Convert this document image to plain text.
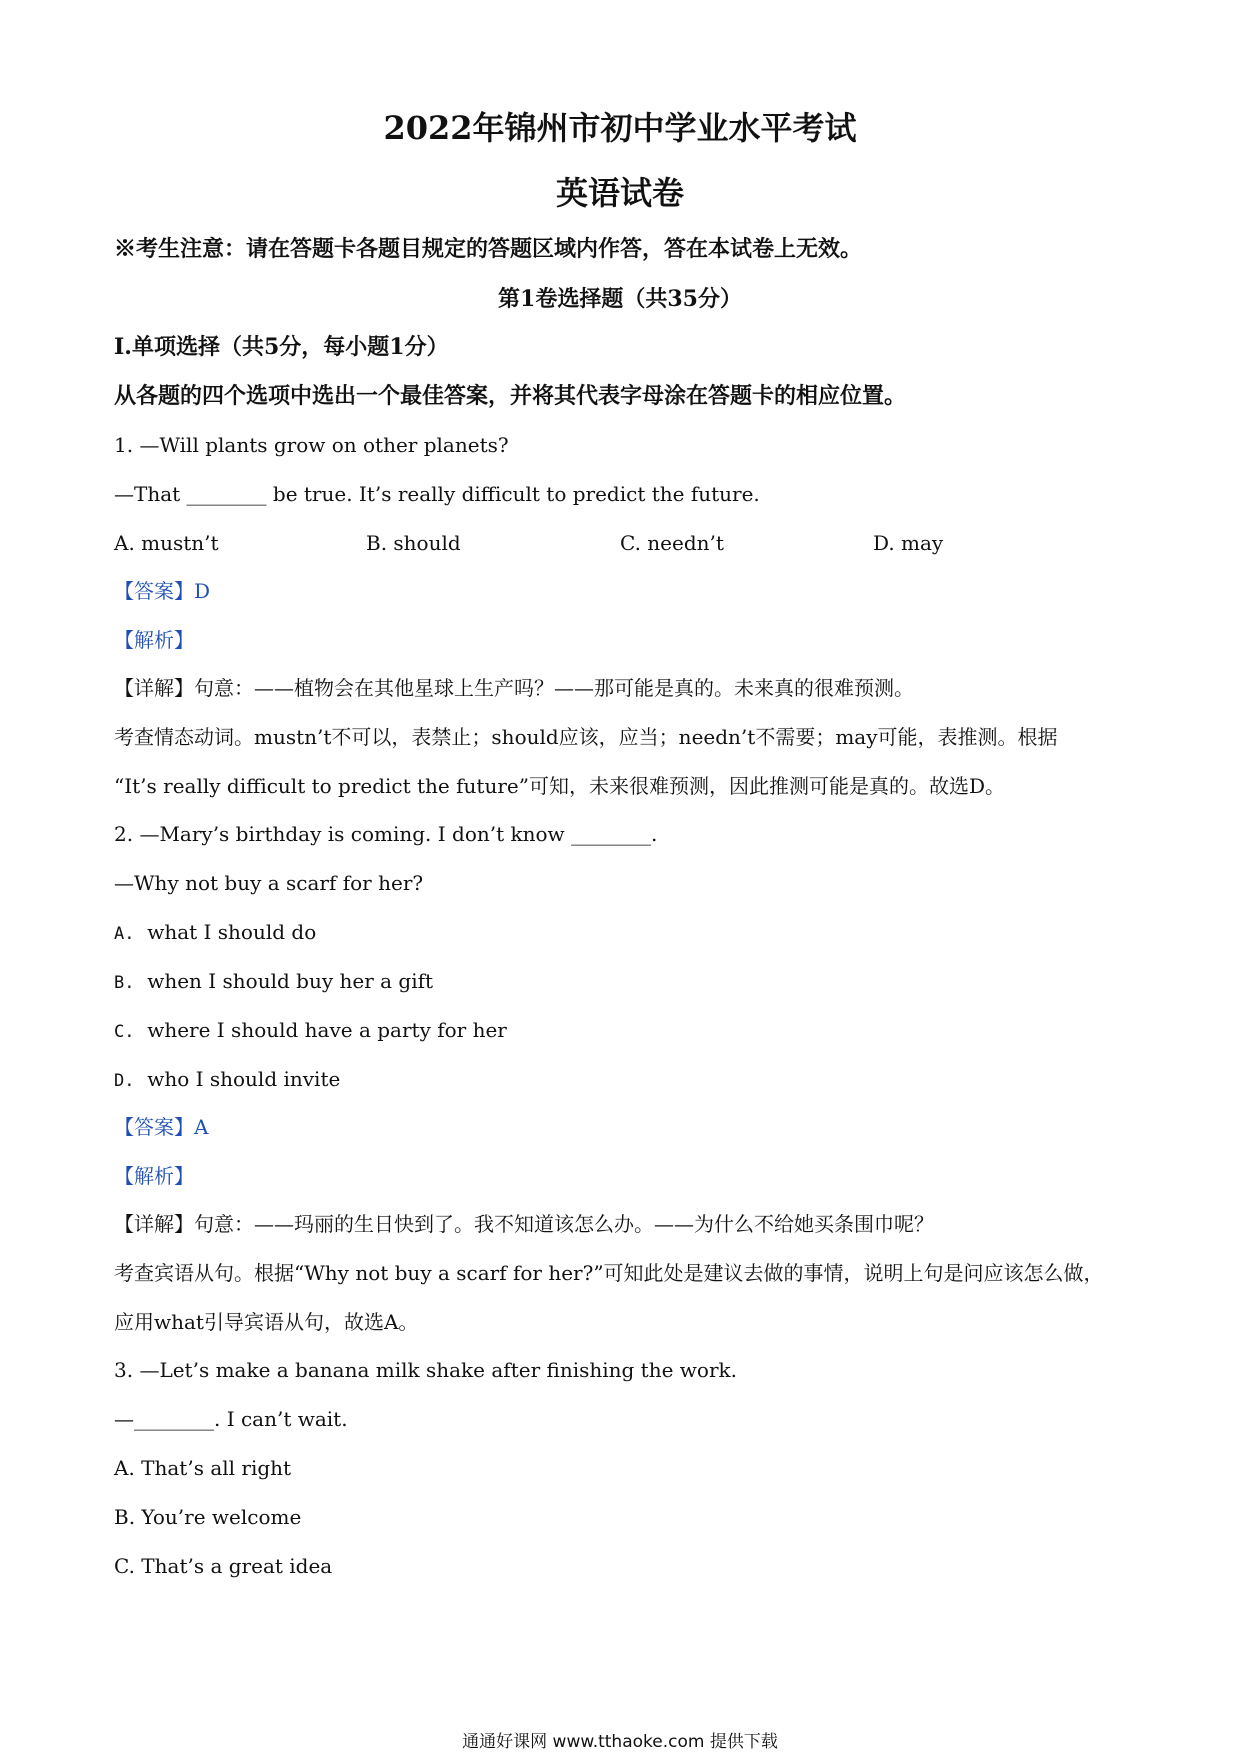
2022年锦州市初中学业水平考试
英语试卷
※考生注意：请在答题卡各题目规定的答题区域内作答，答在本试卷上无效。
第1卷选择题（共35分）
I.单项选择（共5分，每小题1分）
从各题的四个选项中选出一个最佳答案，并将其代表字母涂在答题卡的相应位置。
1. —Will plants grow on other planets?
—That ________ be true. It’s really difficult to predict the future.
A. mustn’t	B. should	C. needn’t	D. may
【答案】D
【解析】
【详解】句意：——植物会在其他星球上生产吗？——那可能是真的。未来真的很难预测。
考查情态动词。mustn’t不可以，表禁止；should应该，应当；needn’t不需要；may可能，表推测。根据
“It’s really difficult to predict the future”可知，未来很难预测，因此推测可能是真的。故选D。
2. —Mary’s birthday is coming. I don’t know ________.
—Why not buy a scarf for her?
A. what I should do
B. when I should buy her a gift
C. where I should have a party for her
D. who I should invite
【答案】A
【解析】
【详解】句意：——玛丽的生日快到了。我不知道该怎么办。——为什么不给她买条围巾呢？
考查宾语从句。根据“Why not buy a scarf for her?”可知此处是建议去做的事情，说明上句是问应该怎么做，
应用what引导宾语从句，故选A。
3. —Let’s make a banana milk shake after finishing the work.
—________. I can’t wait.
A. That’s all right
B. You’re welcome
C. That’s a great idea
通通好课网 www.tthaoke.com 提供下载
